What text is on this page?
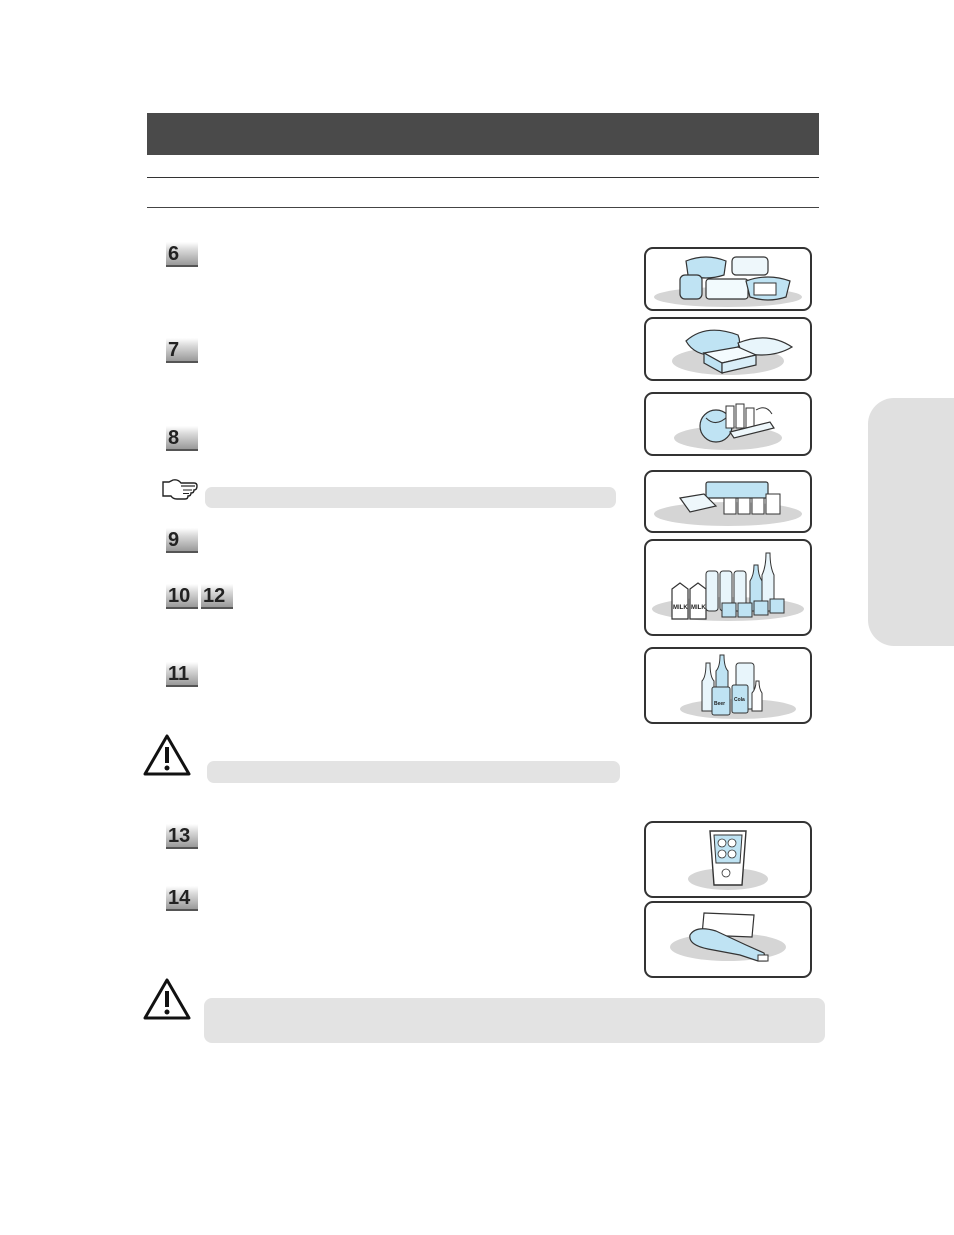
6
7
8
9
10 12
11
13
14
MILK MILK
Beer
Cola
